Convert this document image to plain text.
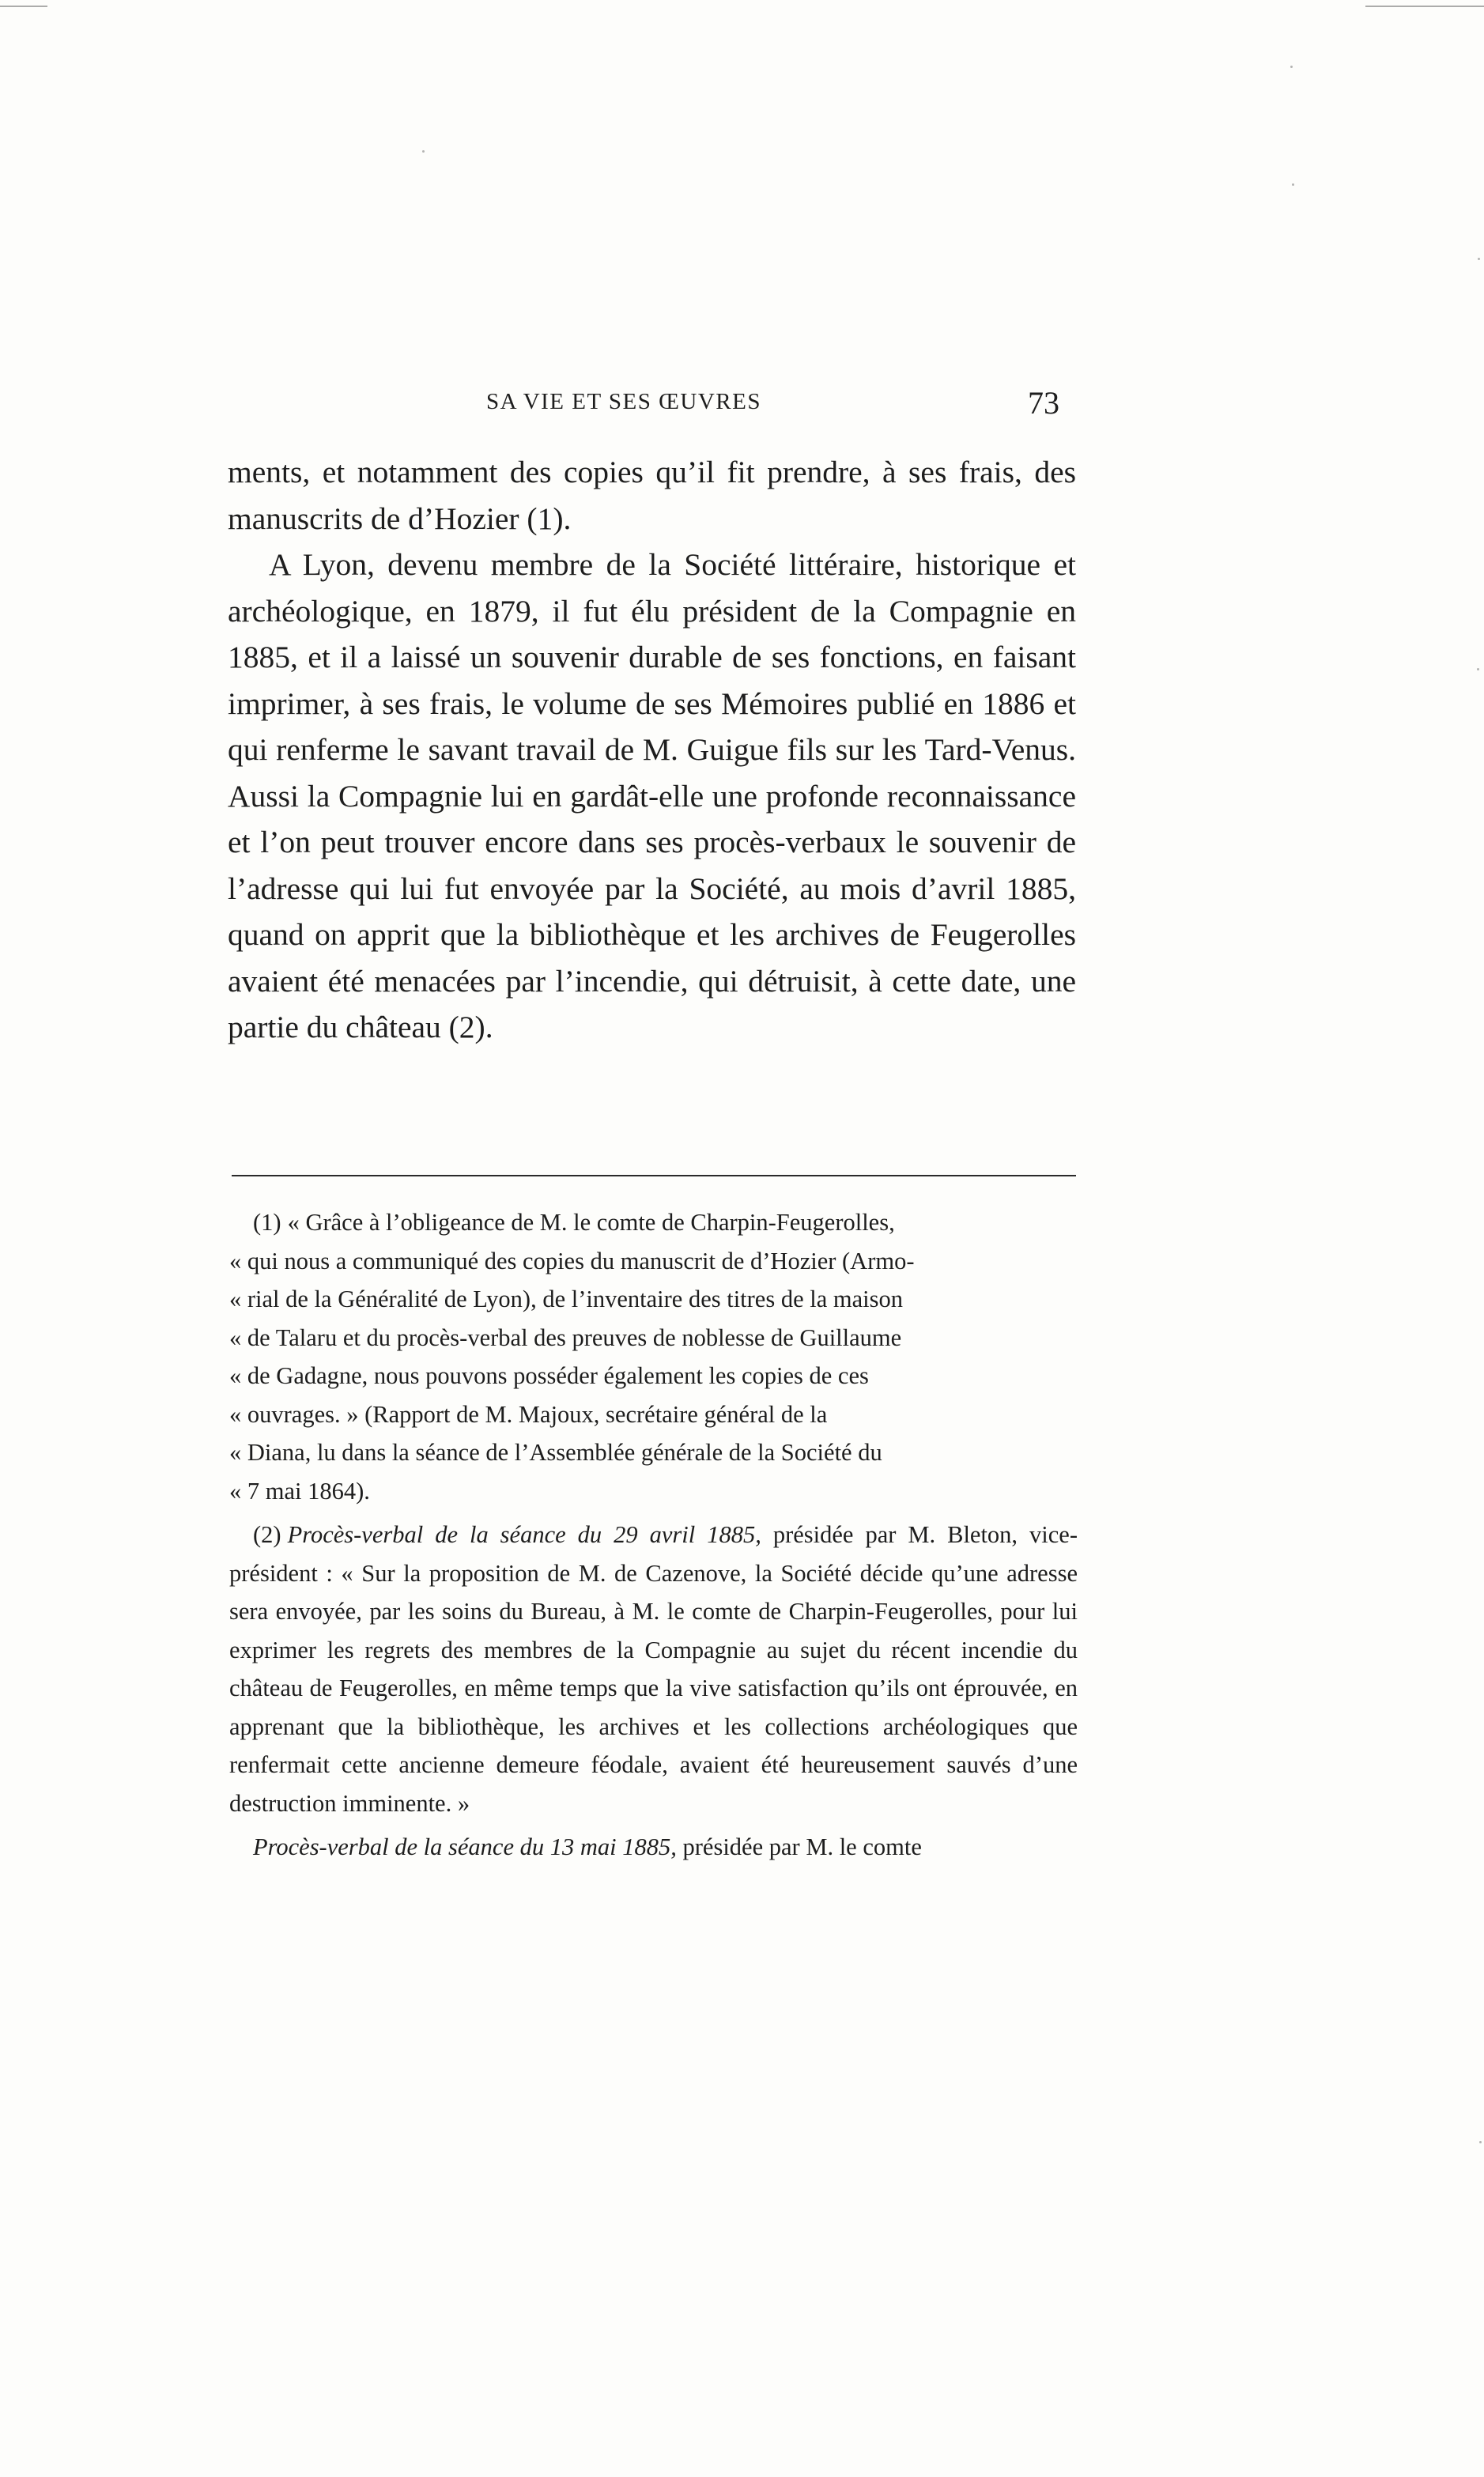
SA VIE ET SES ŒUVRES	73

ments, et notamment des copies qu’il fit prendre, à ses frais, des manuscrits de d’Hozier (1).

A Lyon, devenu membre de la Société littéraire, historique et archéologique, en 1879, il fut élu président de la Compagnie en 1885, et il a laissé un souvenir durable de ses fonctions, en faisant imprimer, à ses frais, le volume de ses Mémoires publié en 1886 et qui renferme le savant travail de M. Guigue fils sur les Tard-Venus. Aussi la Compagnie lui en gardât-elle une profonde reconnaissance et l’on peut trouver encore dans ses procès-verbaux le souvenir de l’adresse qui lui fut envoyée par la Société, au mois d’avril 1885, quand on apprit que la bibliothèque et les archives de Feugerolles avaient été menacées par l’incendie, qui détruisit, à cette date, une partie du château (2).

(1) « Grâce à l’obligeance de M. le comte de Charpin-Feugerolles,
« qui nous a communiqué des copies du manuscrit de d’Hozier (Armo-
« rial de la Généralité de Lyon), de l’inventaire des titres de la maison
« de Talaru et du procès-verbal des preuves de noblesse de Guillaume
« de Gadagne, nous pouvons posséder également les copies de ces
« ouvrages. » (Rapport de M. Majoux, secrétaire général de la
« Diana, lu dans la séance de l’Assemblée générale de la Société du
« 7 mai 1864).

(2) Procès-verbal de la séance du 29 avril 1885, présidée par M. Bleton, vice-président : « Sur la proposition de M. de Cazenove, la Société décide qu’une adresse sera envoyée, par les soins du Bureau, à M. le comte de Charpin-Feugerolles, pour lui exprimer les regrets des membres de la Compagnie au sujet du récent incendie du château de Feugerolles, en même temps que la vive satisfaction qu’ils ont éprouvée, en apprenant que la bibliothèque, les archives et les collections archéologiques que renfermait cette ancienne demeure féodale, avaient été heureusement sauvés d’une destruction imminente. »

Procès-verbal de la séance du 13 mai 1885, présidée par M. le comte
